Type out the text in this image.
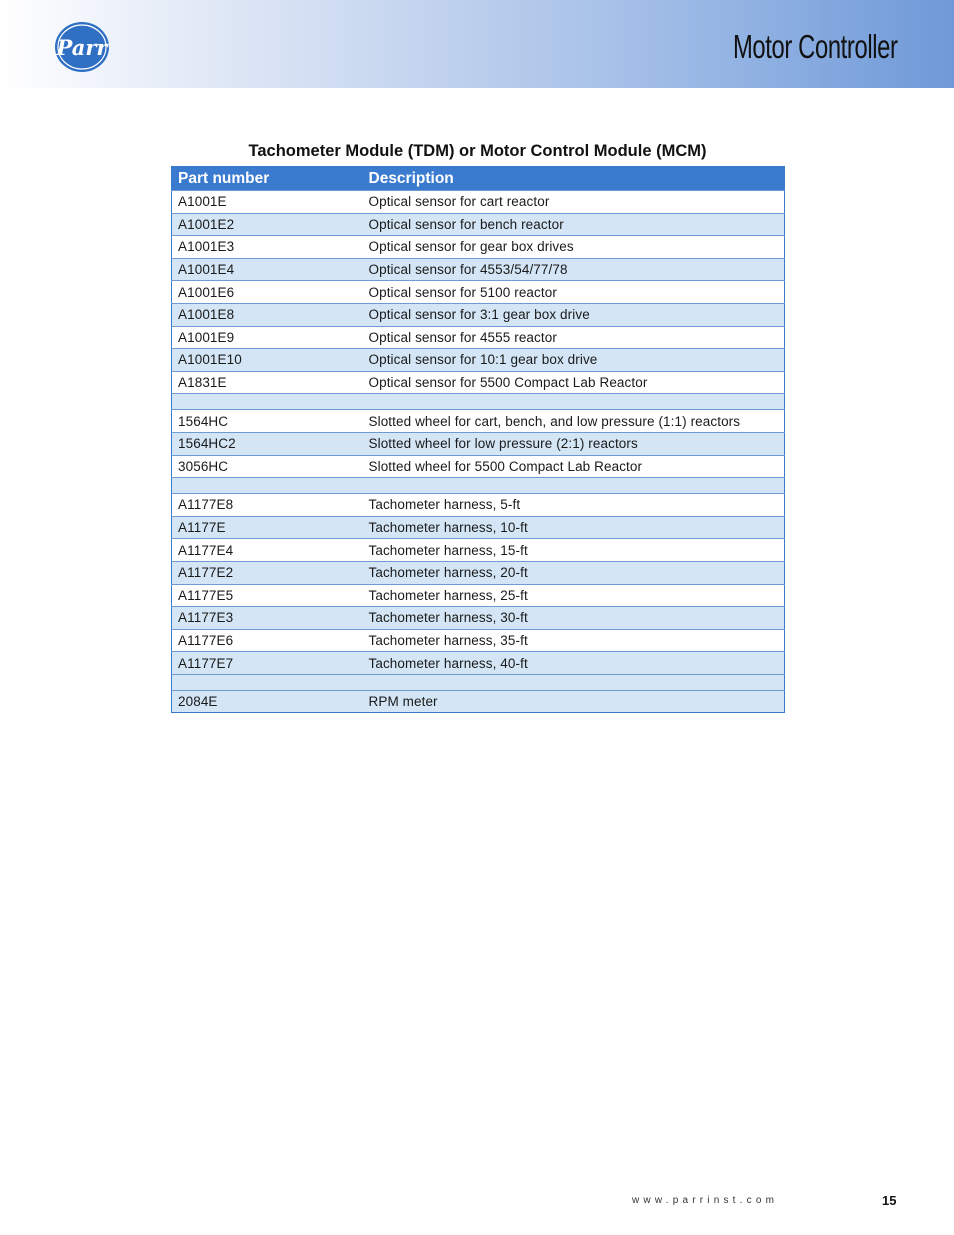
Parr	Motor Controller
Tachometer Module (TDM) or Motor Control Module (MCM)
Part number	Description
A1001E	Optical sensor for cart reactor
A1001E2	Optical sensor for bench reactor
A1001E3	Optical sensor for gear box drives
A1001E4	Optical sensor for 4553/54/77/78
A1001E6	Optical sensor for 5100 reactor
A1001E8	Optical sensor for 3:1 gear box drive
A1001E9	Optical sensor for 4555 reactor
A1001E10	Optical sensor for 10:1 gear box drive
A1831E	Optical sensor for 5500 Compact Lab Reactor

1564HC	Slotted wheel for cart, bench, and low pressure (1:1) reactors
1564HC2	Slotted wheel for low pressure (2:1) reactors
3056HC	Slotted wheel for 5500 Compact Lab Reactor

A1177E8	Tachometer harness, 5-ft
A1177E	Tachometer harness, 10-ft
A1177E4	Tachometer harness, 15-ft
A1177E2	Tachometer harness, 20-ft
A1177E5	Tachometer harness, 25-ft
A1177E3	Tachometer harness, 30-ft
A1177E6	Tachometer harness, 35-ft
A1177E7	Tachometer harness, 40-ft

2084E	RPM meter
www.parrinst.com	15
